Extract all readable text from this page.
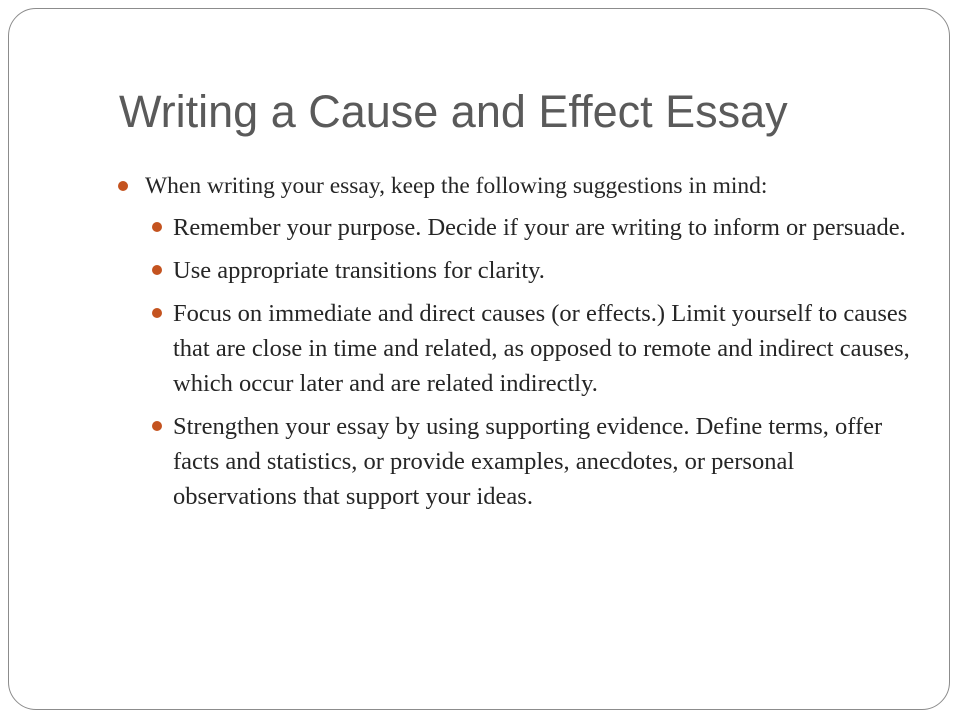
Writing a Cause and Effect Essay

When writing your essay, keep the following suggestions in mind:

Remember your purpose. Decide if your are writing to inform or persuade.

Use appropriate transitions for clarity.

Focus on immediate and direct causes (or effects.) Limit yourself to causes that are close in time and related, as opposed to remote and indirect causes, which occur later and are related indirectly.

Strengthen your essay by using supporting evidence. Define terms, offer facts and statistics, or provide examples, anecdotes, or personal observations that support your ideas.
